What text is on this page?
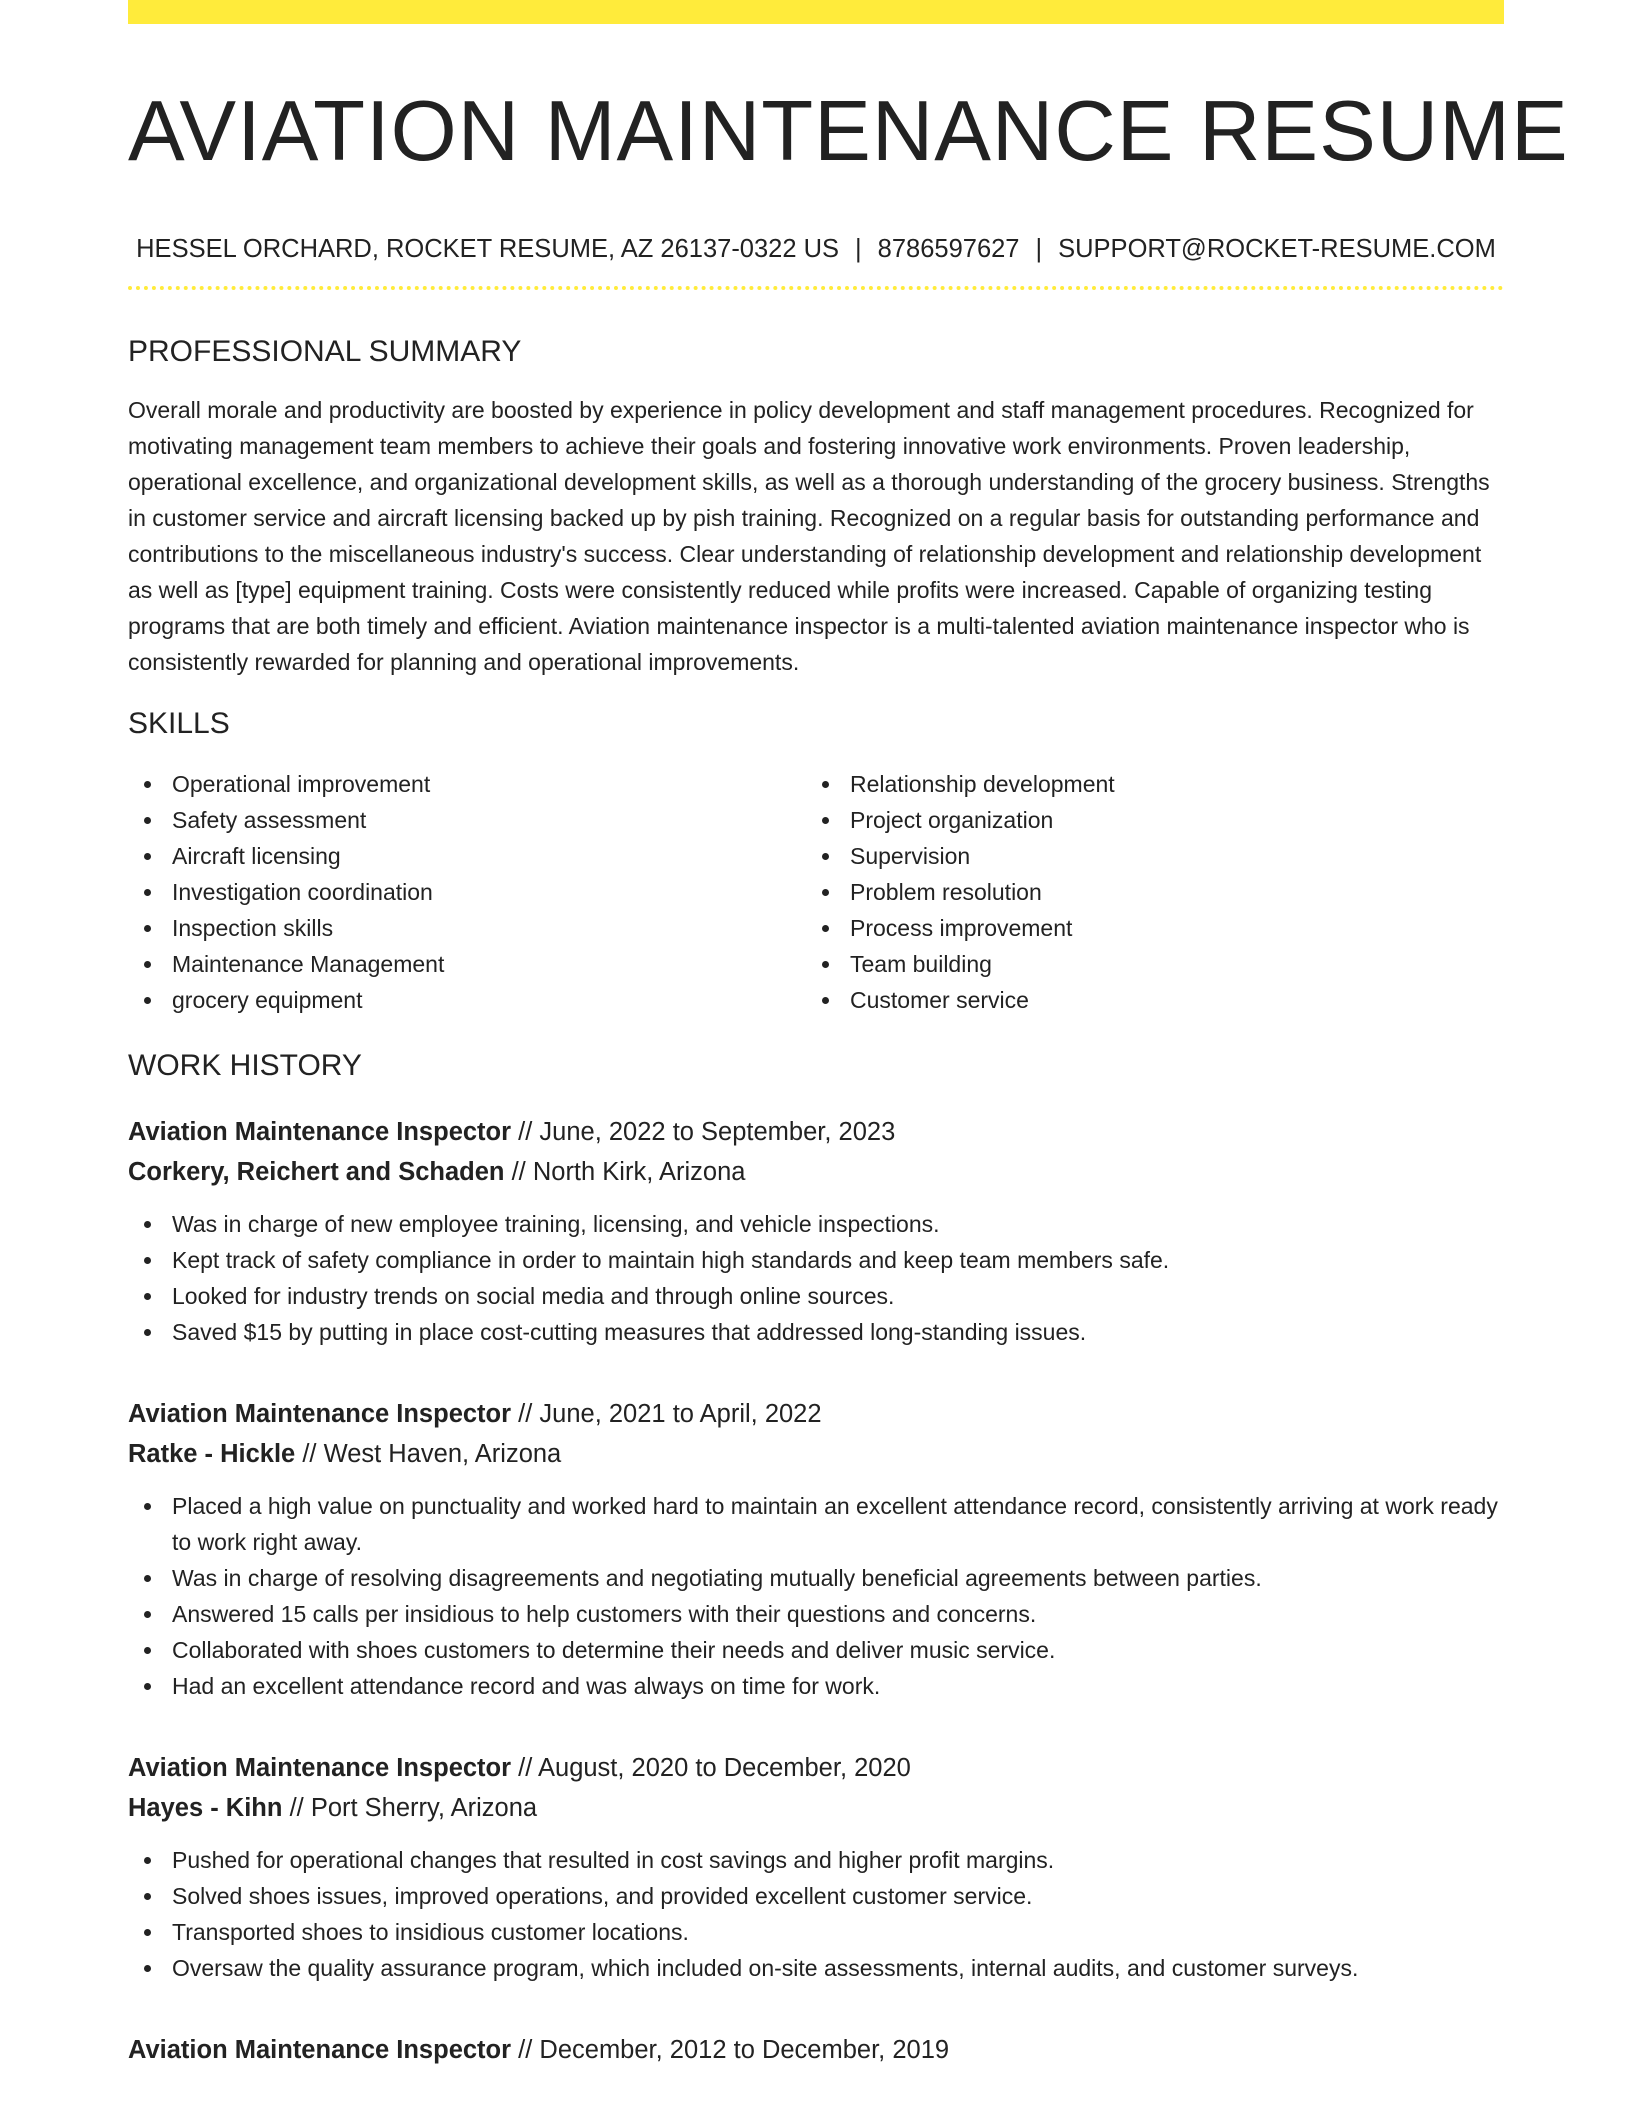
AVIATION MAINTENANCE RESUME
HESSEL ORCHARD, ROCKET RESUME, AZ 26137-0322 US | 8786597627 | SUPPORT@ROCKET-RESUME.COM
PROFESSIONAL SUMMARY

Overall morale and productivity are boosted by experience in policy development and staff management procedures. Recognized for motivating management team members to achieve their goals and fostering innovative work environments. Proven leadership, operational excellence, and organizational development skills, as well as a thorough understanding of the grocery business. Strengths in customer service and aircraft licensing backed up by pish training. Recognized on a regular basis for outstanding performance and contributions to the miscellaneous industry's success. Clear understanding of relationship development and relationship development as well as [type] equipment training. Costs were consistently reduced while profits were increased. Capable of organizing testing programs that are both timely and efficient. Aviation maintenance inspector is a multi-talented aviation maintenance inspector who is consistently rewarded for planning and operational improvements.

SKILLS
Operational improvement
Safety assessment
Aircraft licensing
Investigation coordination
Inspection skills
Maintenance Management
grocery equipment
Relationship development
Project organization
Supervision
Problem resolution
Process improvement
Team building
Customer service
WORK HISTORY
Aviation Maintenance Inspector // June, 2022 to September, 2023
Corkery, Reichert and Schaden // North Kirk, Arizona
Was in charge of new employee training, licensing, and vehicle inspections.
Kept track of safety compliance in order to maintain high standards and keep team members safe.
Looked for industry trends on social media and through online sources.
Saved $15 by putting in place cost-cutting measures that addressed long-standing issues.
Aviation Maintenance Inspector // June, 2021 to April, 2022
Ratke - Hickle // West Haven, Arizona
Placed a high value on punctuality and worked hard to maintain an excellent attendance record, consistently arriving at work ready to work right away.
Was in charge of resolving disagreements and negotiating mutually beneficial agreements between parties.
Answered 15 calls per insidious to help customers with their questions and concerns.
Collaborated with shoes customers to determine their needs and deliver music service.
Had an excellent attendance record and was always on time for work.
Aviation Maintenance Inspector // August, 2020 to December, 2020
Hayes - Kihn // Port Sherry, Arizona
Pushed for operational changes that resulted in cost savings and higher profit margins.
Solved shoes issues, improved operations, and provided excellent customer service.
Transported shoes to insidious customer locations.
Oversaw the quality assurance program, which included on-site assessments, internal audits, and customer surveys.
Aviation Maintenance Inspector // December, 2012 to December, 2019
